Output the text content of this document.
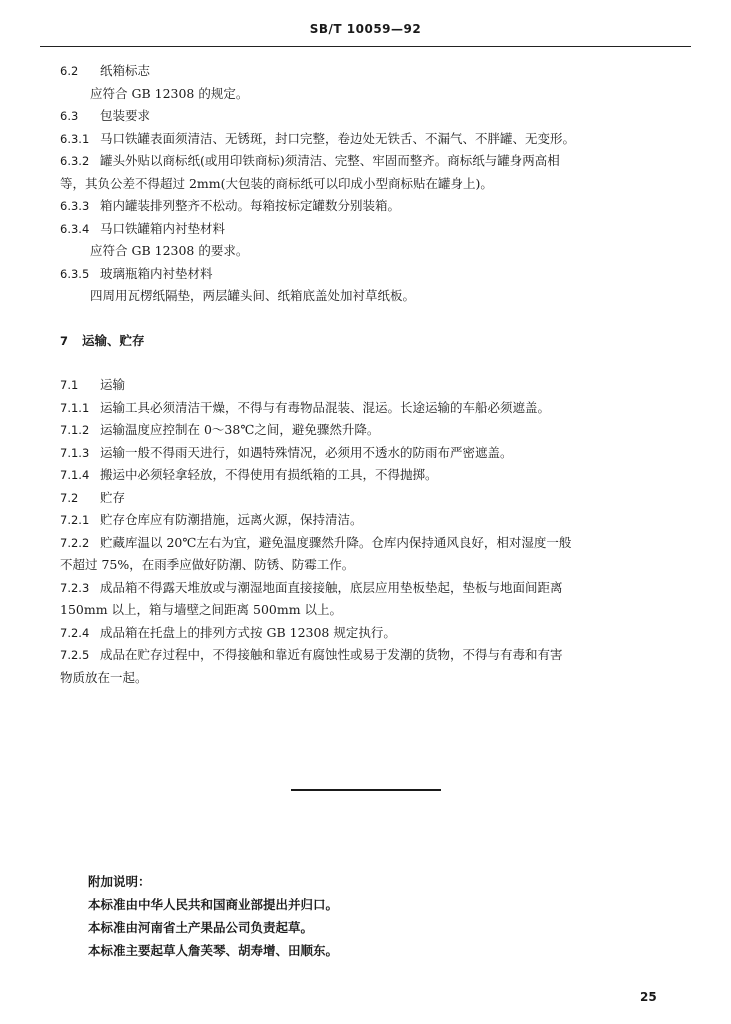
SB/T 10059—92
6.2 纸箱标志
应符合 GB 12308 的规定。
6.3 包装要求
6.3.1 马口铁罐表面须清洁、无锈斑，封口完整，卷边处无铁舌、不漏气、不胖罐、无变形。
6.3.2 罐头外贴以商标纸(或用印铁商标)须清洁、完整、牢固而整齐。商标纸与罐身两高相
等，其负公差不得超过 2mm(大包装的商标纸可以印成小型商标贴在罐身上)。
6.3.3 箱内罐装排列整齐不松动。每箱按标定罐数分别装箱。
6.3.4 马口铁罐箱内衬垫材料
应符合 GB 12308 的要求。
6.3.5 玻璃瓶箱内衬垫材料
四周用瓦楞纸隔垫，两层罐头间、纸箱底盖处加衬草纸板。
7 运输、贮存
7.1 运输
7.1.1 运输工具必须清洁干燥，不得与有毒物品混装、混运。长途运输的车船必须遮盖。
7.1.2 运输温度应控制在 0～38℃之间，避免骤然升降。
7.1.3 运输一般不得雨天进行，如遇特殊情况，必须用不透水的防雨布严密遮盖。
7.1.4 搬运中必须轻拿轻放，不得使用有损纸箱的工具，不得抛掷。
7.2 贮存
7.2.1 贮存仓库应有防潮措施，远离火源，保持清洁。
7.2.2 贮藏库温以 20℃左右为宜，避免温度骤然升降。仓库内保持通风良好，相对湿度一般
不超过 75%，在雨季应做好防潮、防锈、防霉工作。
7.2.3 成品箱不得露天堆放或与潮湿地面直接接触，底层应用垫板垫起，垫板与地面间距离
150mm 以上，箱与墙壁之间距离 500mm 以上。
7.2.4 成品箱在托盘上的排列方式按 GB 12308 规定执行。
7.2.5 成品在贮存过程中，不得接触和靠近有腐蚀性或易于发潮的货物，不得与有毒和有害
物质放在一起。
附加说明：
本标准由中华人民共和国商业部提出并归口。
本标准由河南省土产果品公司负责起草。
本标准主要起草人詹芙琴、胡寿增、田顺东。
25
